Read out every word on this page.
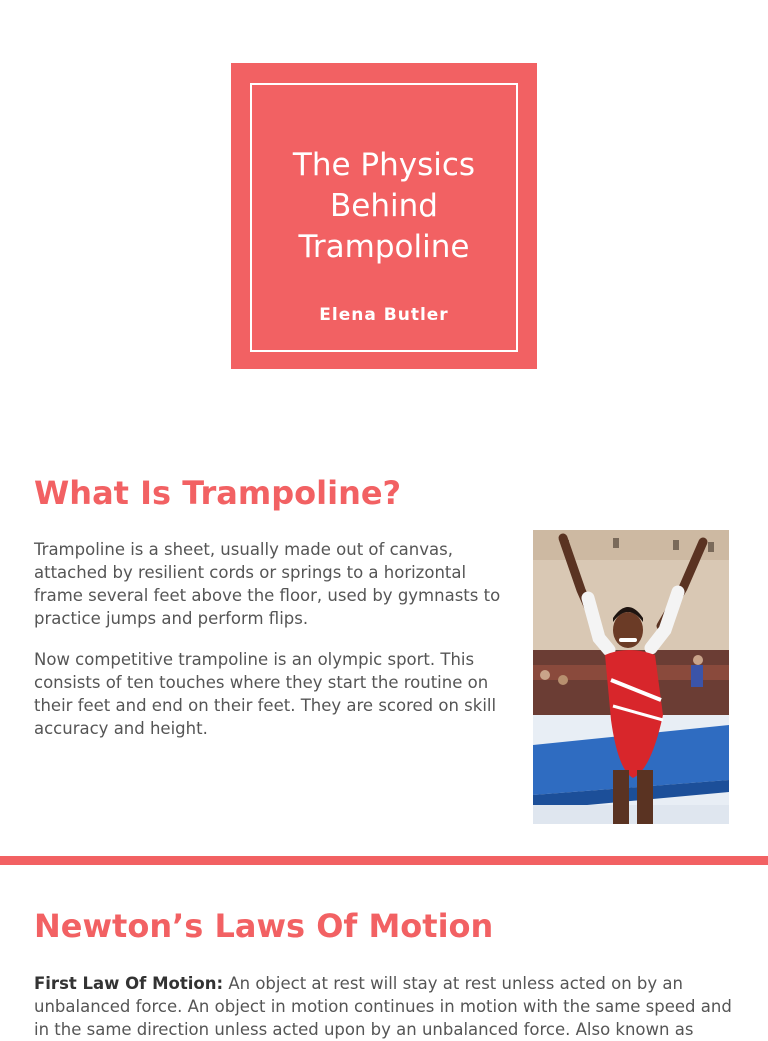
The Physics
Behind
Trampoline
Elena Butler
What Is Trampoline?

Trampoline is a sheet, usually made out of canvas, attached by resilient cords or springs to a horizontal frame several feet above the floor, used by gymnasts to practice jumps and perform flips.

Now competitive trampoline is an olympic sport. This consists of ten touches where they start the routine on their feet and end on their feet. They are scored on skill accuracy and height.

Newton’s Laws Of Motion

First Law Of Motion: An object at rest will stay at rest unless acted on by an unbalanced force. An object in motion continues in motion with the same speed and in the same direction unless acted upon by an unbalanced force. Also known as
